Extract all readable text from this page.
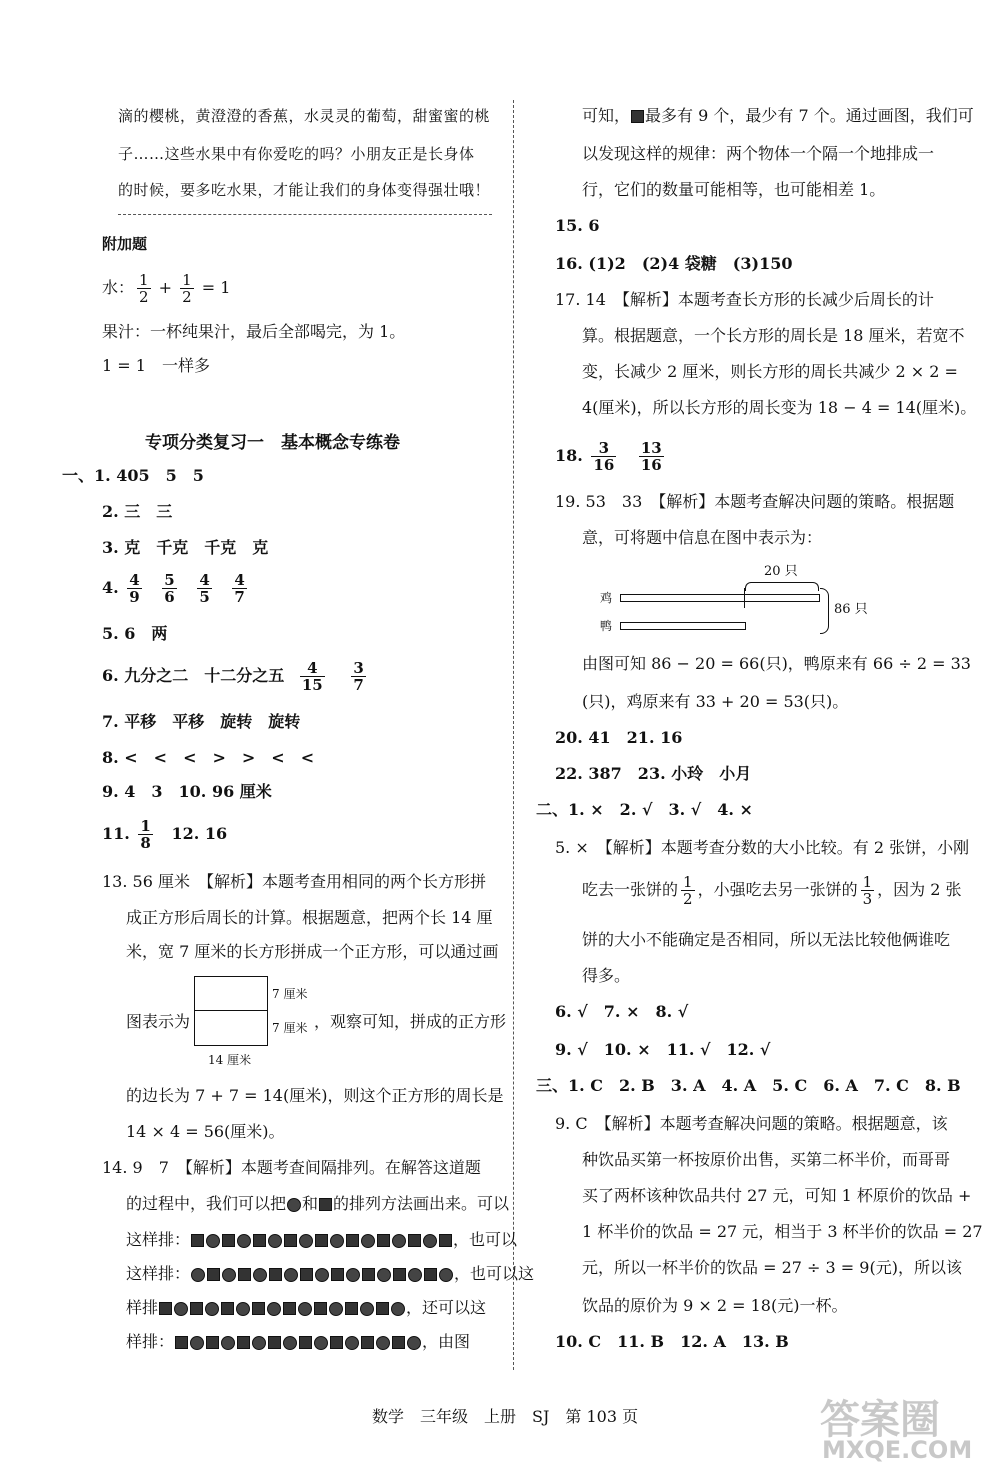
滴的樱桃，黄澄澄的香蕉，水灵灵的葡萄，甜蜜蜜的桃
子……这些水果中有你爱吃的吗？小朋友正是长身体
的时候，要多吃水果，才能让我们的身体变得强壮哦！
附加题
水： $\frac{1}{2} + \frac{1}{2} = 1$
果汁：一杯纯果汁，最后全部喝完，为 1。
1 = 1　一样多
专项分类复习一　基本概念专练卷
一、1. 405　5　5
2. 三　三
3. 克　千克　千克　克
4. $\frac{4}{9}$
$\frac{5}{6}$
$\frac{4}{5}$
$\frac{4}{7}$
5. 6　两
6. 九分之二　十二分之五 $\frac{4}{15}$
$\frac{3}{7}$
7. 平移　平移　旋转　旋转
8. <　<　<　>　>　<　<
9. 4　3　10. 96 厘米
11. $\frac{1}{8} 12$. 16
13. 56 厘米　【解析】本题考查用相同的两个长方形拼
成正方形后周长的计算。根据题意，把两个长 14 厘
米，宽 7 厘米的长方形拼成一个正方形，可以通过画
图表示为
7 厘米
7 厘米 ，观察可知，拼成的正方形
14 厘米
的边长为 7 + 7 = 14(厘米)，则这个正方形的周长是
14 × 4 = 56(厘米)。
14. 9　7　【解析】本题考查间隔排列。在解答这道题
的过程中，我们可以把 和 的排列方法画出来。可以
这样排：	，也可以
这样排：	，也可以这
样排	，还可以这
样排：	，由图
可知， 最多有 9 个，最少有 7 个。通过画图，我们可
以发现这样的规律：两个物体一个隔一个地排成一
行，它们的数量可能相等，也可能相差 1。
15. 6
16. (1)2　(2)4 袋糖　(3)150
17. 14　【解析】本题考查长方形的长减少后周长的计
算。根据题意，一个长方形的周长是 18 厘米，若宽不
变，长减少 2 厘米，则长方形的周长共减少 2 × 2 =
4(厘米)，所以长方形的周长变为 18 − 4 = 14(厘米)。
18. $\frac{3}{16}$
$\frac{13}{16}$
19. 53　33　【解析】本题考查解决问题的策略。根据题
意，可将题中信息在图中表示为：
鸡
鸭
20 只
86 只
由图可知 86 − 20 = 66(只)，鸭原来有 66 ÷ 2 = 33
(只)，鸡原来有 33 + 20 = 53(只)。
20. 41　21. 16
22. 387　23. 小玲　小月
二、1. ×　2. √　3. √　4. ×
5. ×　【解析】本题考查分数的大小比较。有 2 张饼，小刚
吃去一张饼的 $\frac{1}{2}$ ，小强吃去另一张饼的 $\frac{1}{3}$ ，因为 2 张
饼的大小不能确定是否相同，所以无法比较他俩谁吃
得多。
6. √　7. ×　8. √
9. √　10. ×　11. √　12. √
三、1. C　2. B　3. A　4. A　5. C　6. A　7. C　8. B
9. C　【解析】本题考查解决问题的策略。根据题意，该
种饮品买第一杯按原价出售，买第二杯半价，而哥哥
买了两杯该种饮品共付 27 元，可知 1 杯原价的饮品 +
1 杯半价的饮品 = 27 元，相当于 3 杯半价的饮品 = 27
元，所以一杯半价的饮品 = 27 ÷ 3 = 9(元)，所以该
饮品的原价为 9 × 2 = 18(元)一杯。
10. C　11. B　12. A　13. B
数学　三年级　上册　SJ　第 103 页	答案圈
MXQE.COM
